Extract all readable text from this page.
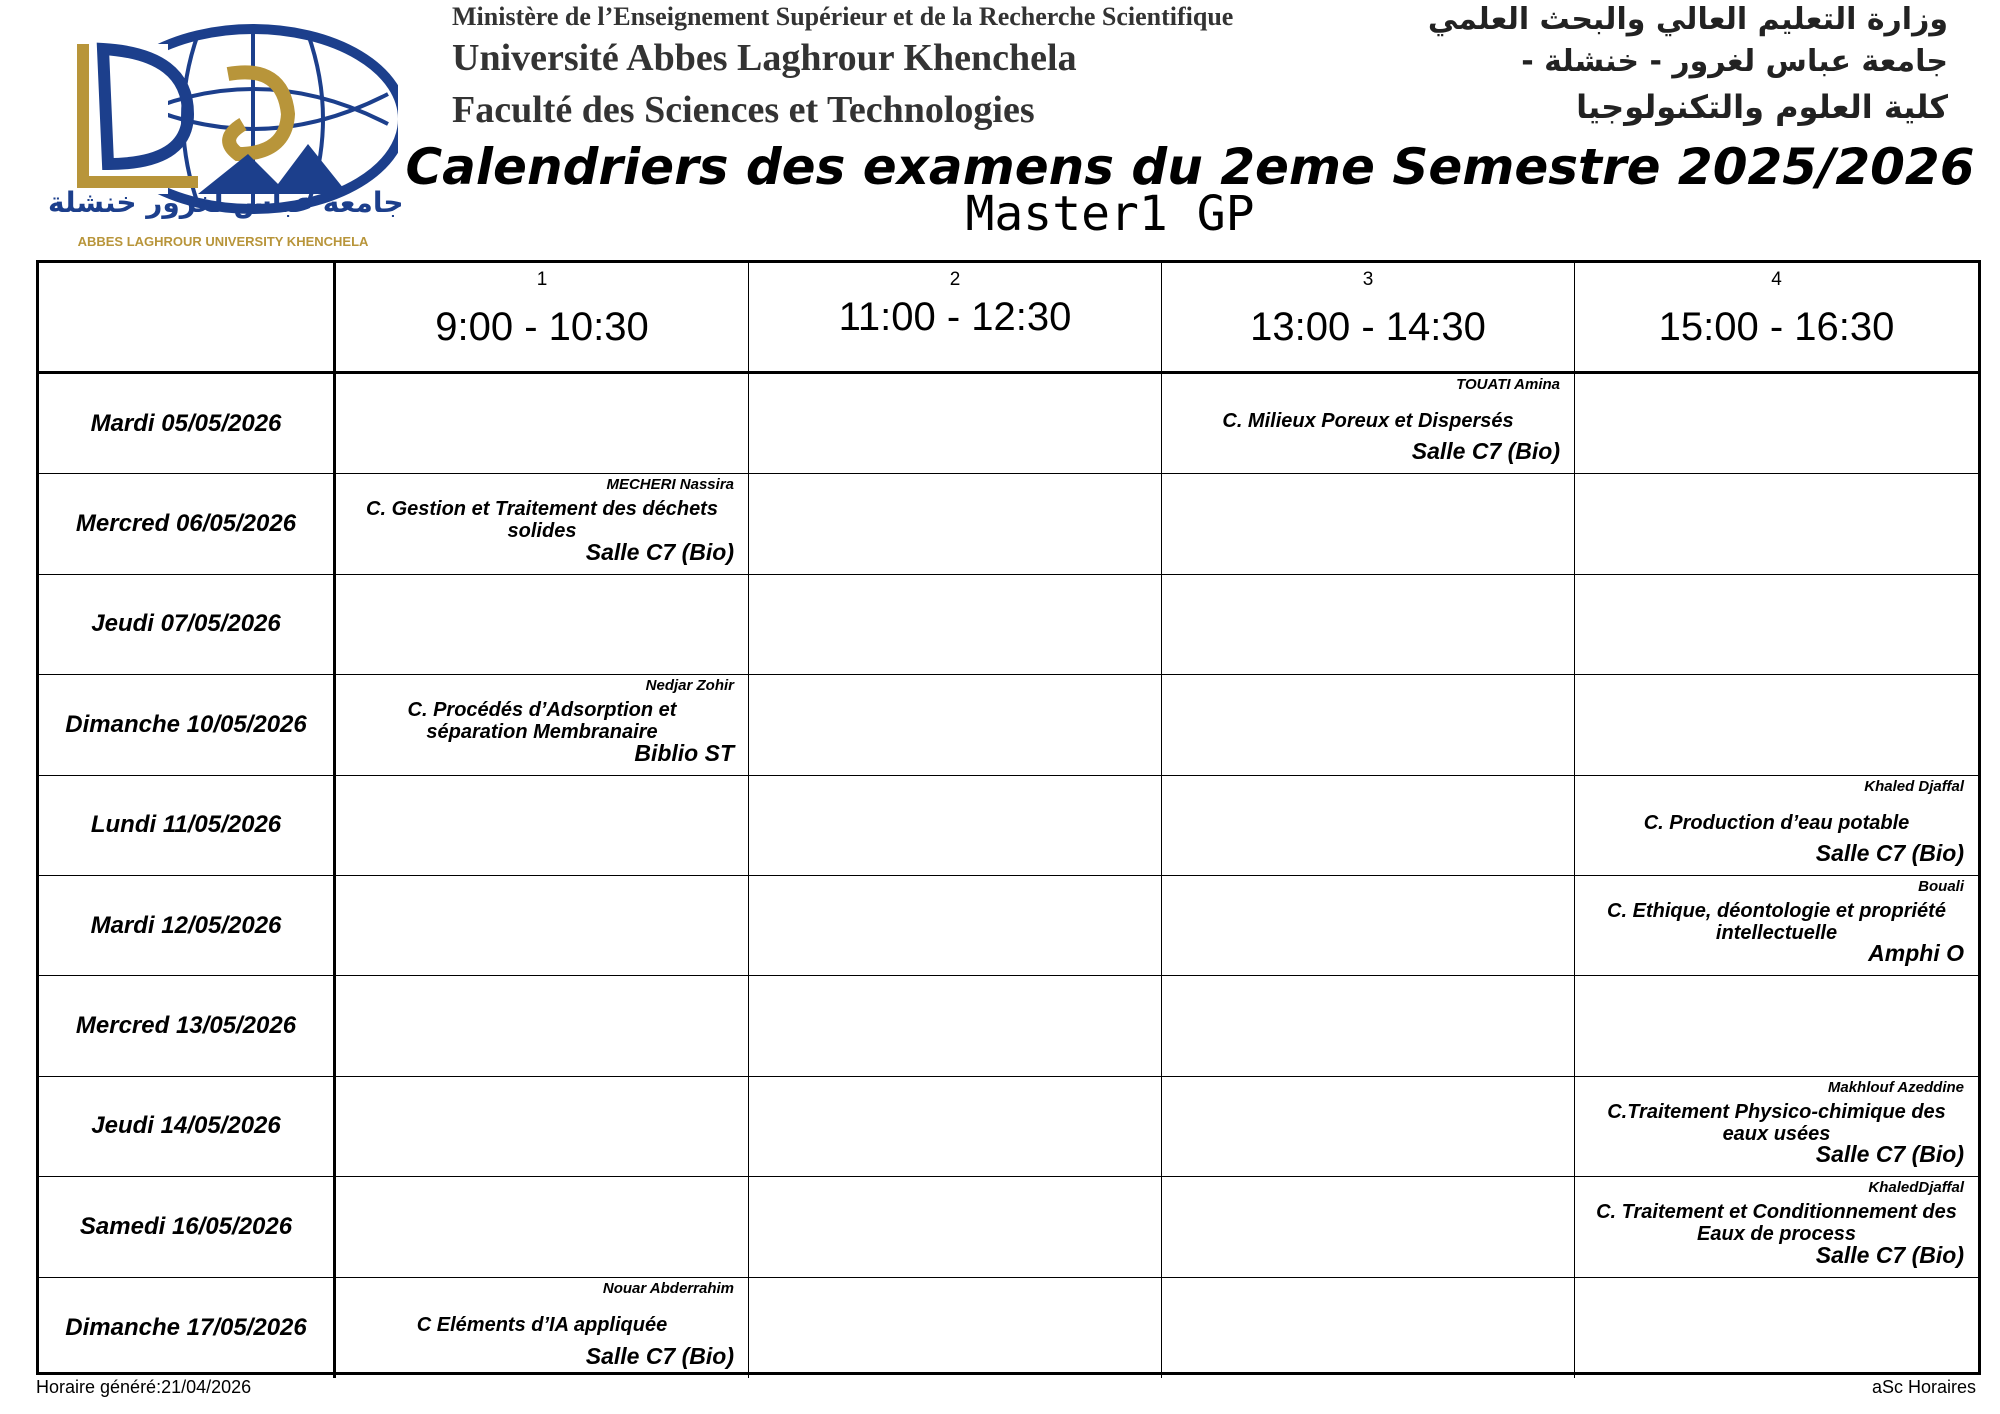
جامعة عباس لغرور خنشلة
ABBES LAGHROUR UNIVERSITY KHENCHELA
Ministère de l’Enseignement Supérieur et de la Recherche Scientifique
Université Abbes Laghrour Khenchela
Faculté des Sciences et Technologies
وزارة التعليم العالي والبحث العلمي
جامعة عباس لغرور - خنشلة -
كلية العلوم والتكنولوجيا
Calendriers des examens du 2eme Semestre 2025/2026
Master1 GP
1
9:00 - 10:30
2
11:00 - 12:30
3
13:00 - 14:30
4
15:00 - 16:30
Mardi 05/05/2026
TOUATI Amina
C. Milieux Poreux et Dispersés
Salle C7 (Bio)
Mercred 06/05/2026
MECHERI Nassira
C. Gestion et Traitement des déchets solides
Salle C7 (Bio)
Jeudi 07/05/2026
Dimanche 10/05/2026
Nedjar Zohir
C. Procédés d’Adsorption et séparation Membranaire
Biblio ST
Lundi 11/05/2026
Khaled Djaffal
C. Production d’eau potable
Salle C7 (Bio)
Mardi 12/05/2026
Bouali
C. Ethique, déontologie et propriété intellectuelle
Amphi O
Mercred 13/05/2026
Jeudi 14/05/2026
Makhlouf Azeddine
C.Traitement Physico-chimique des eaux usées
Salle C7 (Bio)
Samedi 16/05/2026
KhaledDjaffal
C. Traitement et Conditionnement des Eaux de process
Salle C7 (Bio)
Dimanche 17/05/2026
Nouar Abderrahim
C Eléments d’IA appliquée
Salle C7 (Bio)
Horaire généré:21/04/2026	aSc Horaires
